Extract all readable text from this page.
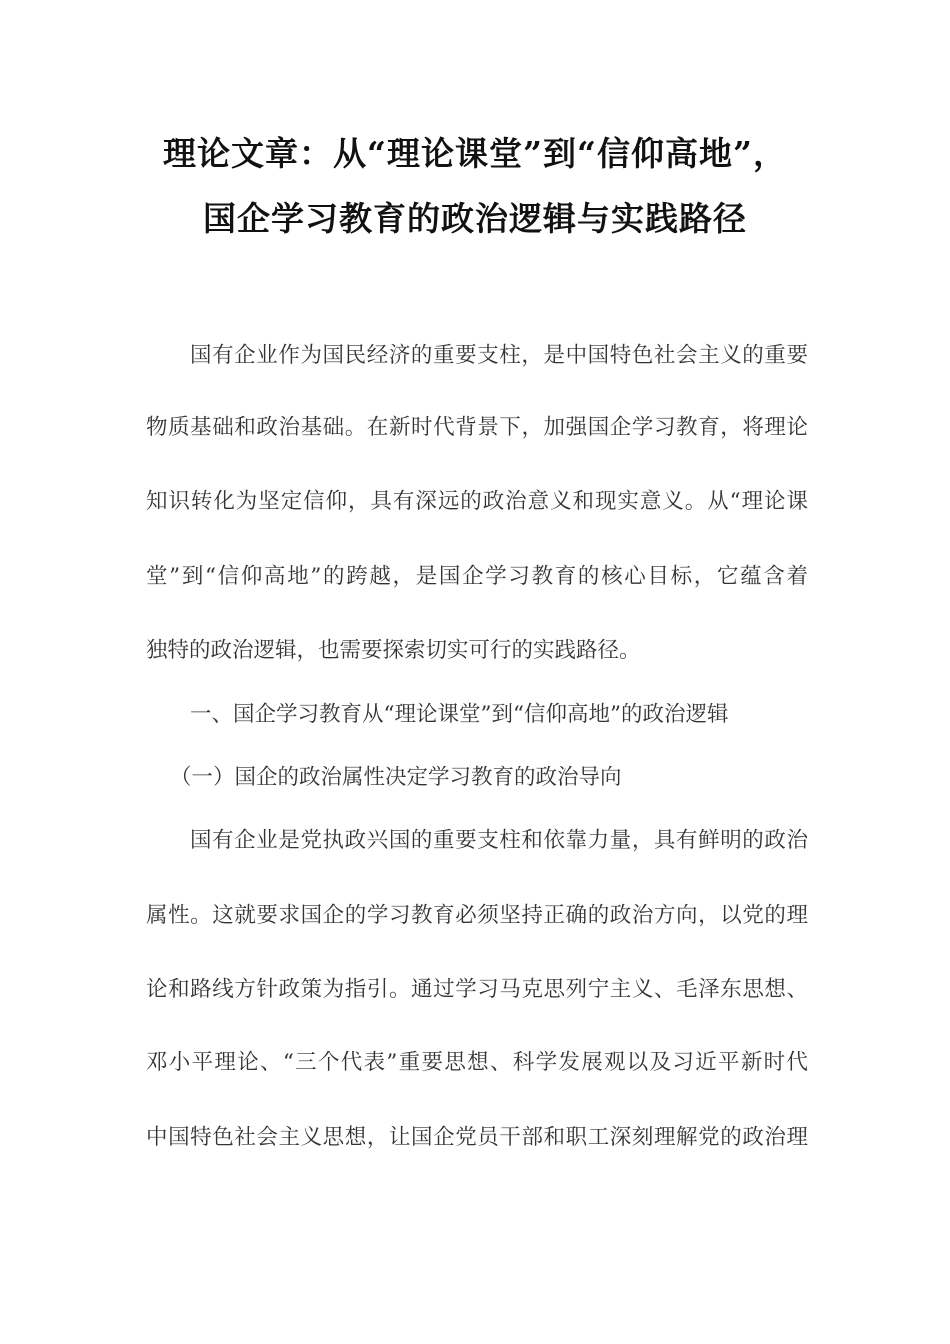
理论文章：从“理论课堂”到“信仰高地”，
国企学习教育的政治逻辑与实践路径
国有企业作为国民经济的重要支柱，是中国特色社会主义的重要
物质基础和政治基础。在新时代背景下，加强国企学习教育，将理论
知识转化为坚定信仰，具有深远的政治意义和现实意义。从“理论课
堂”到“信仰高地”的跨越，是国企学习教育的核心目标，它蕴含着
独特的政治逻辑，也需要探索切实可行的实践路径。
一、国企学习教育从“理论课堂”到“信仰高地”的政治逻辑
（一）国企的政治属性决定学习教育的政治导向
国有企业是党执政兴国的重要支柱和依靠力量，具有鲜明的政治
属性。这就要求国企的学习教育必须坚持正确的政治方向，以党的理
论和路线方针政策为指引。通过学习马克思列宁主义、毛泽东思想、
邓小平理论、“三个代表”重要思想、科学发展观以及习近平新时代
中国特色社会主义思想，让国企党员干部和职工深刻理解党的政治理
